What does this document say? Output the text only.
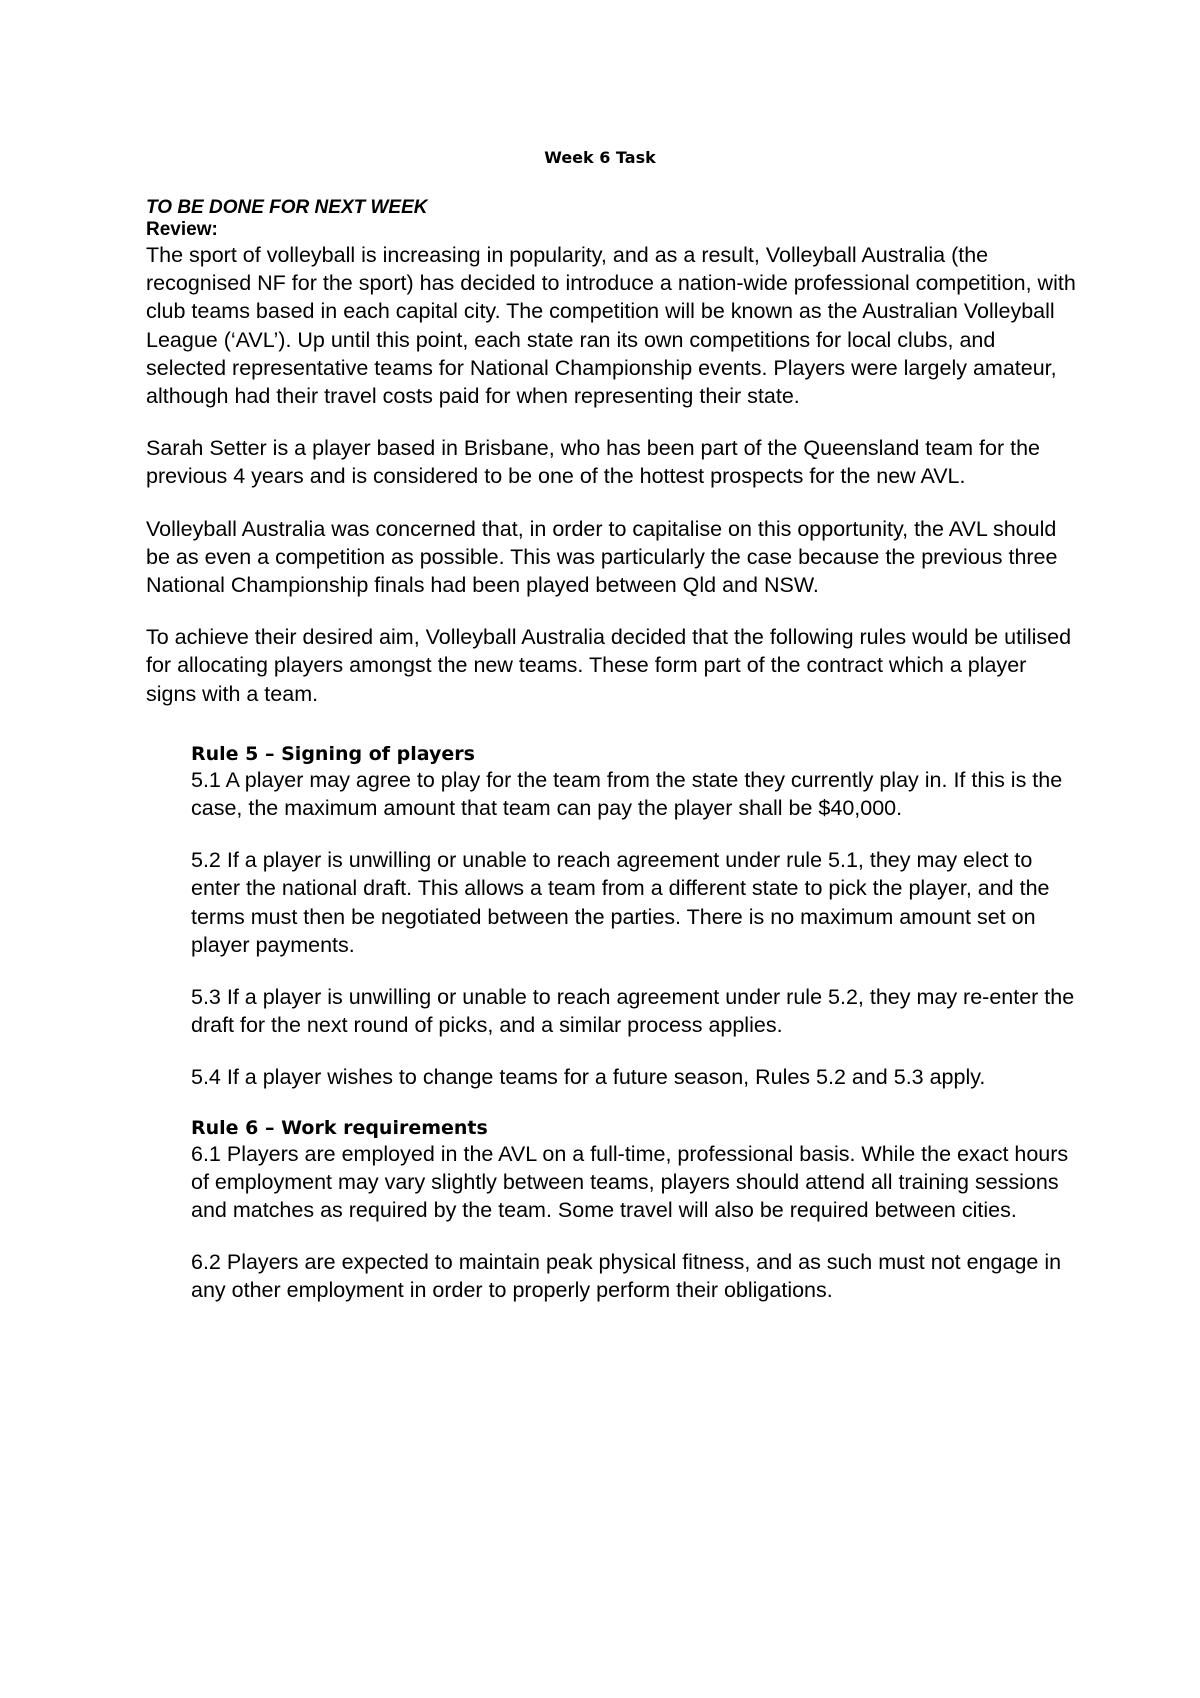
Week 6 Task
TO BE DONE FOR NEXT WEEK
Review:

The sport of volleyball is increasing in popularity, and as a result, Volleyball Australia (the recognised NF for the sport) has decided to introduce a nation-wide professional competition, with club teams based in each capital city. The competition will be known as the Australian Volleyball League (‘AVL’). Up until this point, each state ran its own competitions for local clubs, and selected representative teams for National Championship events. Players were largely amateur, although had their travel costs paid for when representing their state.

Sarah Setter is a player based in Brisbane, who has been part of the Queensland team for the previous 4 years and is considered to be one of the hottest prospects for the new AVL.

Volleyball Australia was concerned that, in order to capitalise on this opportunity, the AVL should be as even a competition as possible. This was particularly the case because the previous three National Championship finals had been played between Qld and NSW.

To achieve their desired aim, Volleyball Australia decided that the following rules would be utilised for allocating players amongst the new teams. These form part of the contract which a player signs with a team.

Rule 5 – Signing of players

5.1 A player may agree to play for the team from the state they currently play in. If this is the case, the maximum amount that team can pay the player shall be $40,000.

5.2 If a player is unwilling or unable to reach agreement under rule 5.1, they may elect to enter the national draft. This allows a team from a different state to pick the player, and the terms must then be negotiated between the parties. There is no maximum amount set on player payments.

5.3 If a player is unwilling or unable to reach agreement under rule 5.2, they may re-enter the draft for the next round of picks, and a similar process applies.

5.4 If a player wishes to change teams for a future season, Rules 5.2 and 5.3 apply.

Rule 6 – Work requirements

6.1 Players are employed in the AVL on a full-time, professional basis. While the exact hours of employment may vary slightly between teams, players should attend all training sessions and matches as required by the team. Some travel will also be required between cities.

6.2 Players are expected to maintain peak physical fitness, and as such must not engage in any other employment in order to properly perform their obligations.
